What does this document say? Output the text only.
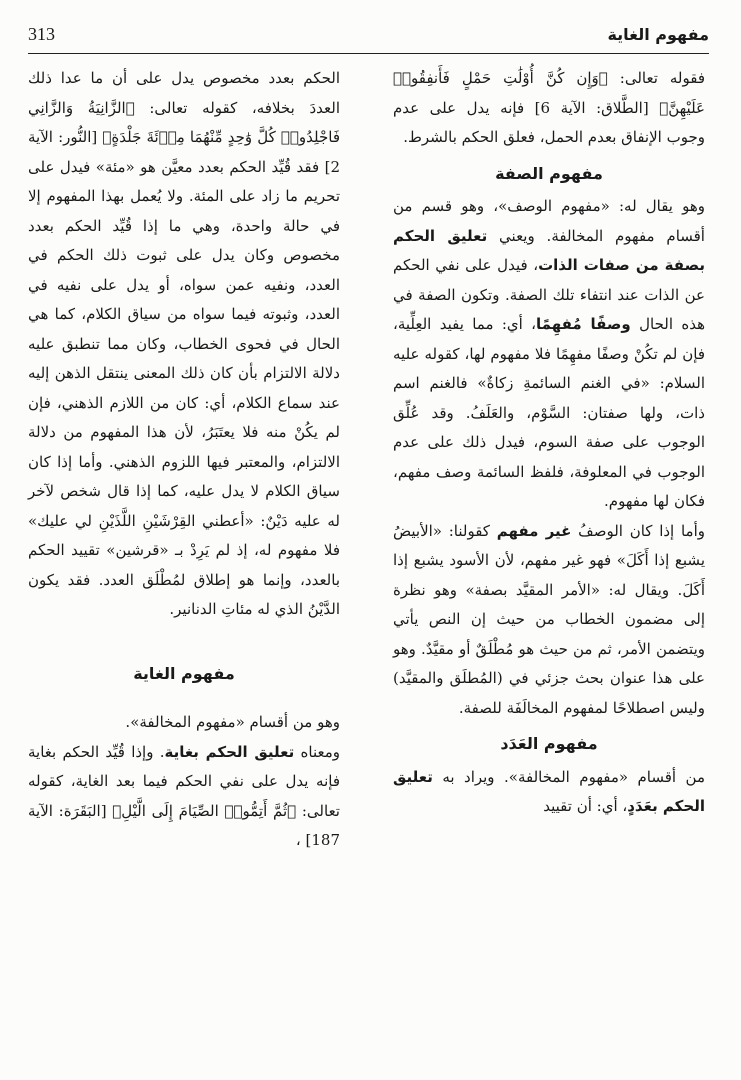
313	مفهوم الغاية

فقوله تعالى: ﴿وَإِن كُنَّ أُوْلَٰتِ حَمْلٍ فَأَنفِقُوا۟ عَلَيْهِنَّ﴾ [الطَّلاق: الآية 6] فإنه يدل على عدم وجوب الإنفاق بعدم الحمل، فعلق الحكم بالشرط.

مفهوم الصفة

وهو يقال له: «مفهوم الوصف»، وهو قسم من أقسام مفهوم المخالفة. ويعني تعليق الحكم بصفة من صفات الذات، فيدل على نفي الحكم عن الذات عند انتفاء تلك الصفة. وتكون الصفة في هذه الحال وصفًا مُفهِمًا، أي: مما يفيد العِلِّية، فإن لم تكُنْ وصفًا مفهِمًا فلا مفهوم لها، كقوله عليه السلام: «في الغنم السائمةِ زكاةٌ» فالغنم اسم ذات، ولها صفتان: السَّوْم، والعَلَفُ. وقد عُلِّق الوجوب على صفة السوم، فيدل ذلك على عدم الوجوب في المعلوفة، فلفظ السائمة وصف مفهم، فكان لها مفهوم.

وأما إذا كان الوصفُ غير مفهم كقولنا: «الأبيضُ يشبع إذا أَكَلَ» فهو غير مفهم، لأن الأسود يشبع إذا أَكَلَ. ويقال له: «الأمر المقيَّد بصفة» وهو نظرة إلى مضمون الخطاب من حيث إن النص يأتي ويتضمن الأمر، ثم من حيث هو مُطْلَقٌ أو مقيَّدٌ. وهو على هذا عنوان بحث جزئي في (المُطلَق والمقيَّد) وليس اصطلاحًا لمفهوم المخالَفَة للصفة.

مفهوم العَدَد

من أقسام «مفهوم المخالفة». ويراد به تعليق الحكم بعَدَدٍ، أي: أن تقييد

الحكم بعدد مخصوص يدل على أن ما عدا ذلك العددَ بخلافه، كقوله تعالى: ﴿الزَّانِيَةُ وَالزَّانِي فَاجْلِدُوا۟ كُلَّ وَٰحِدٍ مِّنْهُمَا مِا۟ئَةَ جَلْدَةٍ﴾ [النُّور: الآية 2] فقد قُيِّد الحكم بعدد معيَّن هو «مئة» فيدل على تحريم ما زاد على المئة. ولا يُعمل بهذا المفهوم إلا في حالة واحدة، وهي ما إذا قُيِّد الحكم بعدد مخصوص وكان يدل على ثبوت ذلك الحكم في العدد، ونفيه عمن سواه، أو يدل على نفيه في العدد، وثبوته فيما سواه من سياق الكلام، كما هي الحال في فحوى الخطاب، وكان مما تنطبق عليه دلالة الالتزام بأن كان ذلك المعنى ينتقل الذهن إليه عند سماع الكلام، أي: كان من اللازم الذهني، فإن لم يكُنْ منه فلا يعتَبَرُ، لأن هذا المفهوم من دلالة الالتزام، والمعتبر فيها اللزوم الذهني. وأما إذا كان سياق الكلام لا يدل عليه، كما إذا قال شخص لآخر له عليه دَيْنٌ: «أعطني القِرْشَيْنِ اللَّذَيْنِ لي عليك» فلا مفهوم له، إذ لم يَرِدْ بـ «قرشين» تقييد الحكم بالعدد، وإنما هو إطلاق لمُطْلَق العدد. فقد يكون الدَّيْنُ الذي له مئاتِ الدنانير.

مفهوم الغاية

وهو من أقسام «مفهوم المخالفة».

ومعناه تعليق الحكم بغاية. وإذا قُيِّد الحكم بغاية فإنه يدل على نفي الحكم فيما بعد الغاية، كقوله تعالى: ﴿ثُمَّ أَتِمُّوا۟ الصِّيَامَ إِلَى الَّيْلِ﴾ [البَقَرَة: الآية 187] ،
